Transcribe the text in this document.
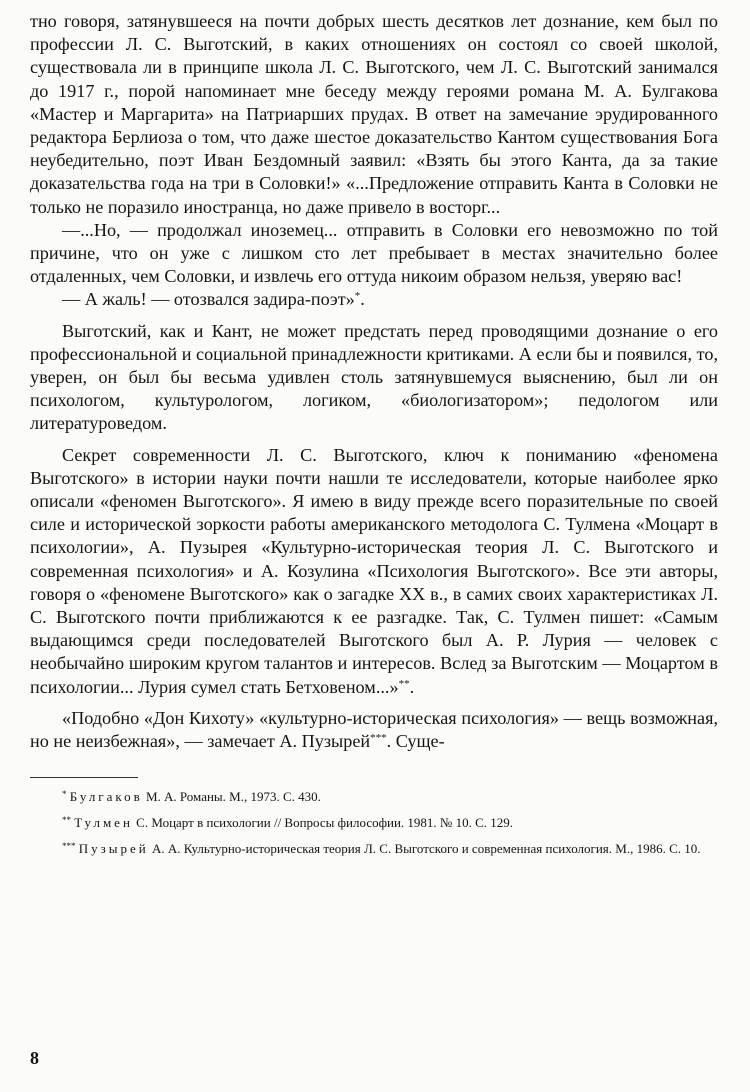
тно говоря, затянувшееся на почти добрых шесть десятков лет дознание, кем был по профессии Л. С. Выготский, в каких отношениях он состоял со своей школой, существовала ли в принципе школа Л. С. Выготского, чем Л. С. Выготский занимался до 1917 г., порой напоминает мне беседу между героями романа М. А. Булгакова «Мастер и Маргарита» на Патриарших прудах. В ответ на замечание эрудированного редактора Берлиоза о том, что даже шестое доказательство Кантом существования Бога неубедительно, поэт Иван Бездомный заявил: «Взять бы этого Канта, да за такие доказательства года на три в Соловки!» «...Предложение отправить Канта в Соловки не только не поразило иностранца, но даже привело в восторг...

—...Но, — продолжал иноземец... отправить в Соловки его невозможно по той причине, что он уже с лишком сто лет пребывает в местах значительно более отдаленных, чем Соловки, и извлечь его оттуда никоим образом нельзя, уверяю вас!

— А жаль! — отозвался задира-поэт»*.

Выготский, как и Кант, не может предстать перед проводящими дознание о его профессиональной и социальной принадлежности критиками. А если бы и появился, то, уверен, он был бы весьма удивлен столь затянувшемуся выяснению, был ли он психологом, культурологом, логиком, «биологизатором»; педологом или литературоведом.

Секрет современности Л. С. Выготского, ключ к пониманию «феномена Выготского» в истории науки почти нашли те исследователи, которые наиболее ярко описали «феномен Выготского». Я имею в виду прежде всего поразительные по своей силе и исторической зоркости работы американского методолога С. Тулмена «Моцарт в психологии», А. Пузырея «Культурно-историческая теория Л. С. Выготского и современная психология» и А. Козулина «Психология Выготского». Все эти авторы, говоря о «феномене Выготского» как о загадке XX в., в самих своих характеристиках Л. С. Выготского почти приближаются к ее разгадке. Так, С. Тулмен пишет: «Самым выдающимся среди последователей Выготского был А. Р. Лурия — человек с необычайно широким кругом талантов и интересов. Вслед за Выготским — Моцартом в психологии... Лурия сумел стать Бетховеном...»**.

«Подобно «Дон Кихоту» «культурно-историческая психология» — вещь возможная, но не неизбежная», — замечает А. Пузырей***. Суще-

* Булгаков М. А. Романы. М., 1973. С. 430.

** Тулмен С. Моцарт в психологии // Вопросы философии. 1981. № 10. С. 129.

*** Пузырей А. А. Культурно-историческая теория Л. С. Выготского и современная психология. М., 1986. С. 10.

8
